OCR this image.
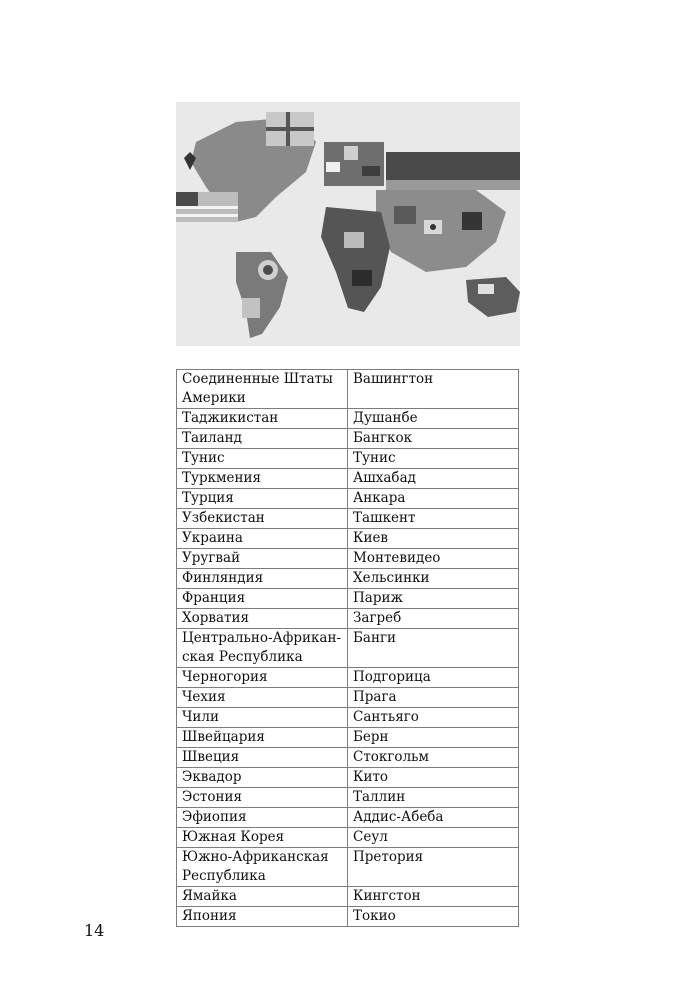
Соединенные Штаты Америки	Вашингтон
Таджикистан	Душанбе
Таиланд	Бангкок
Тунис	Тунис
Туркмения	Ашхабад
Турция	Анкара
Узбекистан	Ташкент
Украина	Киев
Уругвай	Монтевидео
Финляндия	Хельсинки
Франция	Париж
Хорватия	Загреб
Центрально-Африканская Республика	Банги
Черногория	Подгорица
Чехия	Прага
Чили	Сантьяго
Швейцария	Берн
Швеция	Стокгольм
Эквадор	Кито
Эстония	Таллин
Эфиопия	Аддис-Абеба
Южная Корея	Сеул
Южно-Африканская Республика	Претория
Ямайка	Кингстон
Япония	Токио
14
